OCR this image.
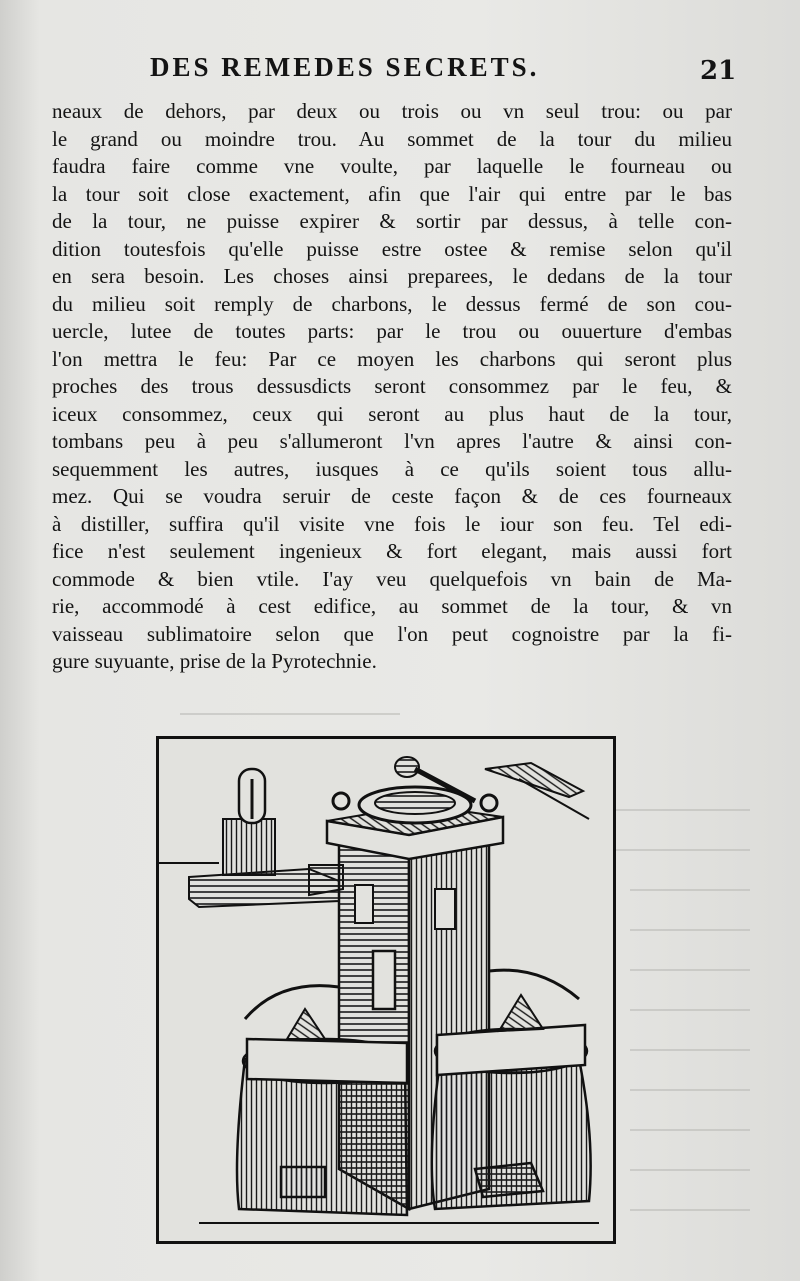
DES REMEDES SECRETS.	21
neaux de dehors, par deux ou trois ou vn seul trou: ou par
le grand ou moindre trou. Au sommet de la tour du milieu
faudra faire comme vne voulte, par laquelle le fourneau ou
la tour soit close exactement, afin que l'air qui entre par le bas
de la tour, ne puisse expirer & sortir par dessus, à telle con-
dition toutesfois qu'elle puisse estre ostee & remise selon qu'il
en sera besoin. Les choses ainsi preparees, le dedans de la tour
du milieu soit remply de charbons, le dessus fermé de son cou-
uercle, lutee de toutes parts: par le trou ou ouuerture d'embas
l'on mettra le feu: Par ce moyen les charbons qui seront plus
proches des trous dessusdicts seront consommez par le feu, &
iceux consommez, ceux qui seront au plus haut de la tour,
tombans peu à peu s'allumeront l'vn apres l'autre & ainsi con-
sequemment les autres, iusques à ce qu'ils soient tous allu-
mez. Qui se voudra seruir de ceste façon & de ces fourneaux
à distiller, suffira qu'il visite vne fois le iour son feu. Tel edi-
fice n'est seulement ingenieux & fort elegant, mais aussi fort
commode & bien vtile. I'ay veu quelquefois vn bain de Ma-
rie, accommodé à cest edifice, au sommet de la tour, & vn
vaisseau sublimatoire selon que l'on peut cognoistre par la fi-
gure suyuante, prise de la Pyrotechnie.
